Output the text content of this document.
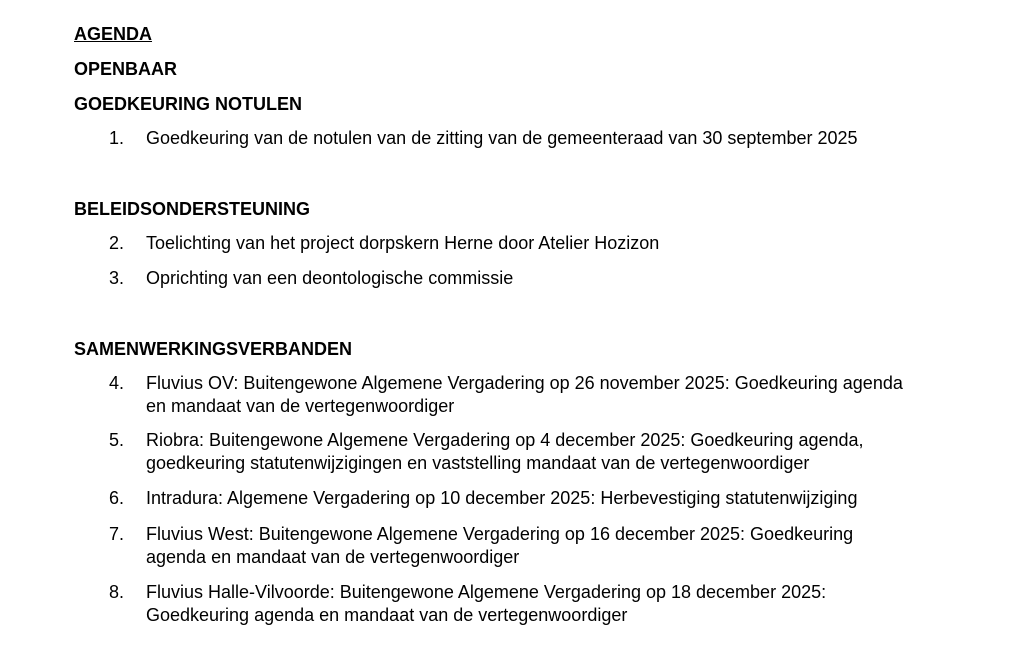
AGENDA
OPENBAAR
GOEDKEURING NOTULEN
1. Goedkeuring van de notulen van de zitting van de gemeenteraad van 30 september 2025
BELEIDSONDERSTEUNING
2. Toelichting van het project dorpskern Herne door Atelier Hozizon
3. Oprichting van een deontologische commissie
SAMENWERKINGSVERBANDEN
4. Fluvius OV: Buitengewone Algemene Vergadering op 26 november 2025: Goedkeuring agenda
en mandaat van de vertegenwoordiger
5. Riobra: Buitengewone Algemene Vergadering op 4 december 2025: Goedkeuring agenda,
goedkeuring statutenwijzigingen en vaststelling mandaat van de vertegenwoordiger
6. Intradura: Algemene Vergadering op 10 december 2025: Herbevestiging statutenwijziging
7. Fluvius West: Buitengewone Algemene Vergadering op 16 december 2025: Goedkeuring
agenda en mandaat van de vertegenwoordiger
8. Fluvius Halle-Vilvoorde: Buitengewone Algemene Vergadering op 18 december 2025:
Goedkeuring agenda en mandaat van de vertegenwoordiger
